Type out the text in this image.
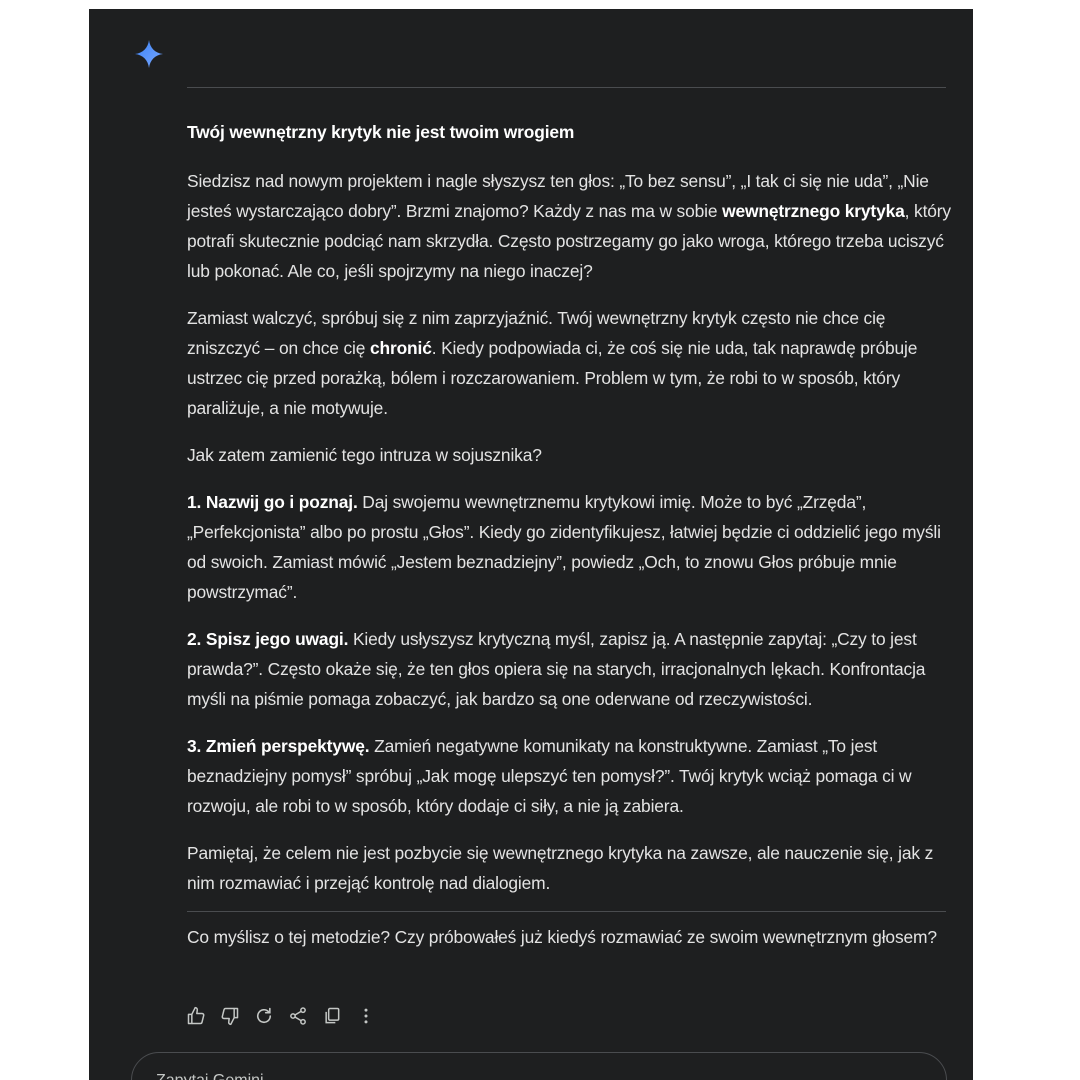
Twój wewnętrzny krytyk nie jest twoim wrogiem

Siedzisz nad nowym projektem i nagle słyszysz ten głos: „To bez sensu”, „I tak ci się nie uda”, „Nie jesteś wystarczająco dobry”. Brzmi znajomo? Każdy z nas ma w sobie wewnętrznego krytyka, który potrafi skutecznie podciąć nam skrzydła. Często postrzegamy go jako wroga, którego trzeba uciszyć lub pokonać. Ale co, jeśli spojrzymy na niego inaczej?

Zamiast walczyć, spróbuj się z nim zaprzyjaźnić. Twój wewnętrzny krytyk często nie chce cię zniszczyć – on chce cię chronić. Kiedy podpowiada ci, że coś się nie uda, tak naprawdę próbuje ustrzec cię przed porażką, bólem i rozczarowaniem. Problem w tym, że robi to w sposób, który paraliżuje, a nie motywuje.

Jak zatem zamienić tego intruza w sojusznika?

1. Nazwij go i poznaj. Daj swojemu wewnętrznemu krytykowi imię. Może to być „Zrzęda”, „Perfekcjonista” albo po prostu „Głos”. Kiedy go zidentyfikujesz, łatwiej będzie ci oddzielić jego myśli od swoich. Zamiast mówić „Jestem beznadziejny”, powiedz „Och, to znowu Głos próbuje mnie powstrzymać”.

2. Spisz jego uwagi. Kiedy usłyszysz krytyczną myśl, zapisz ją. A następnie zapytaj: „Czy to jest prawda?”. Często okaże się, że ten głos opiera się na starych, irracjonalnych lękach. Konfrontacja myśli na piśmie pomaga zobaczyć, jak bardzo są one oderwane od rzeczywistości.

3. Zmień perspektywę. Zamień negatywne komunikaty na konstruktywne. Zamiast „To jest beznadziejny pomysł” spróbuj „Jak mogę ulepszyć ten pomysł?”. Twój krytyk wciąż pomaga ci w rozwoju, ale robi to w sposób, który dodaje ci siły, a nie ją zabiera.

Pamiętaj, że celem nie jest pozbycie się wewnętrznego krytyka na zawsze, ale nauczenie się, jak z nim rozmawiać i przejąć kontrolę nad dialogiem.

Co myślisz o tej metodzie? Czy próbowałeś już kiedyś rozmawiać ze swoim wewnętrznym głosem?
Zapytaj Gemini
